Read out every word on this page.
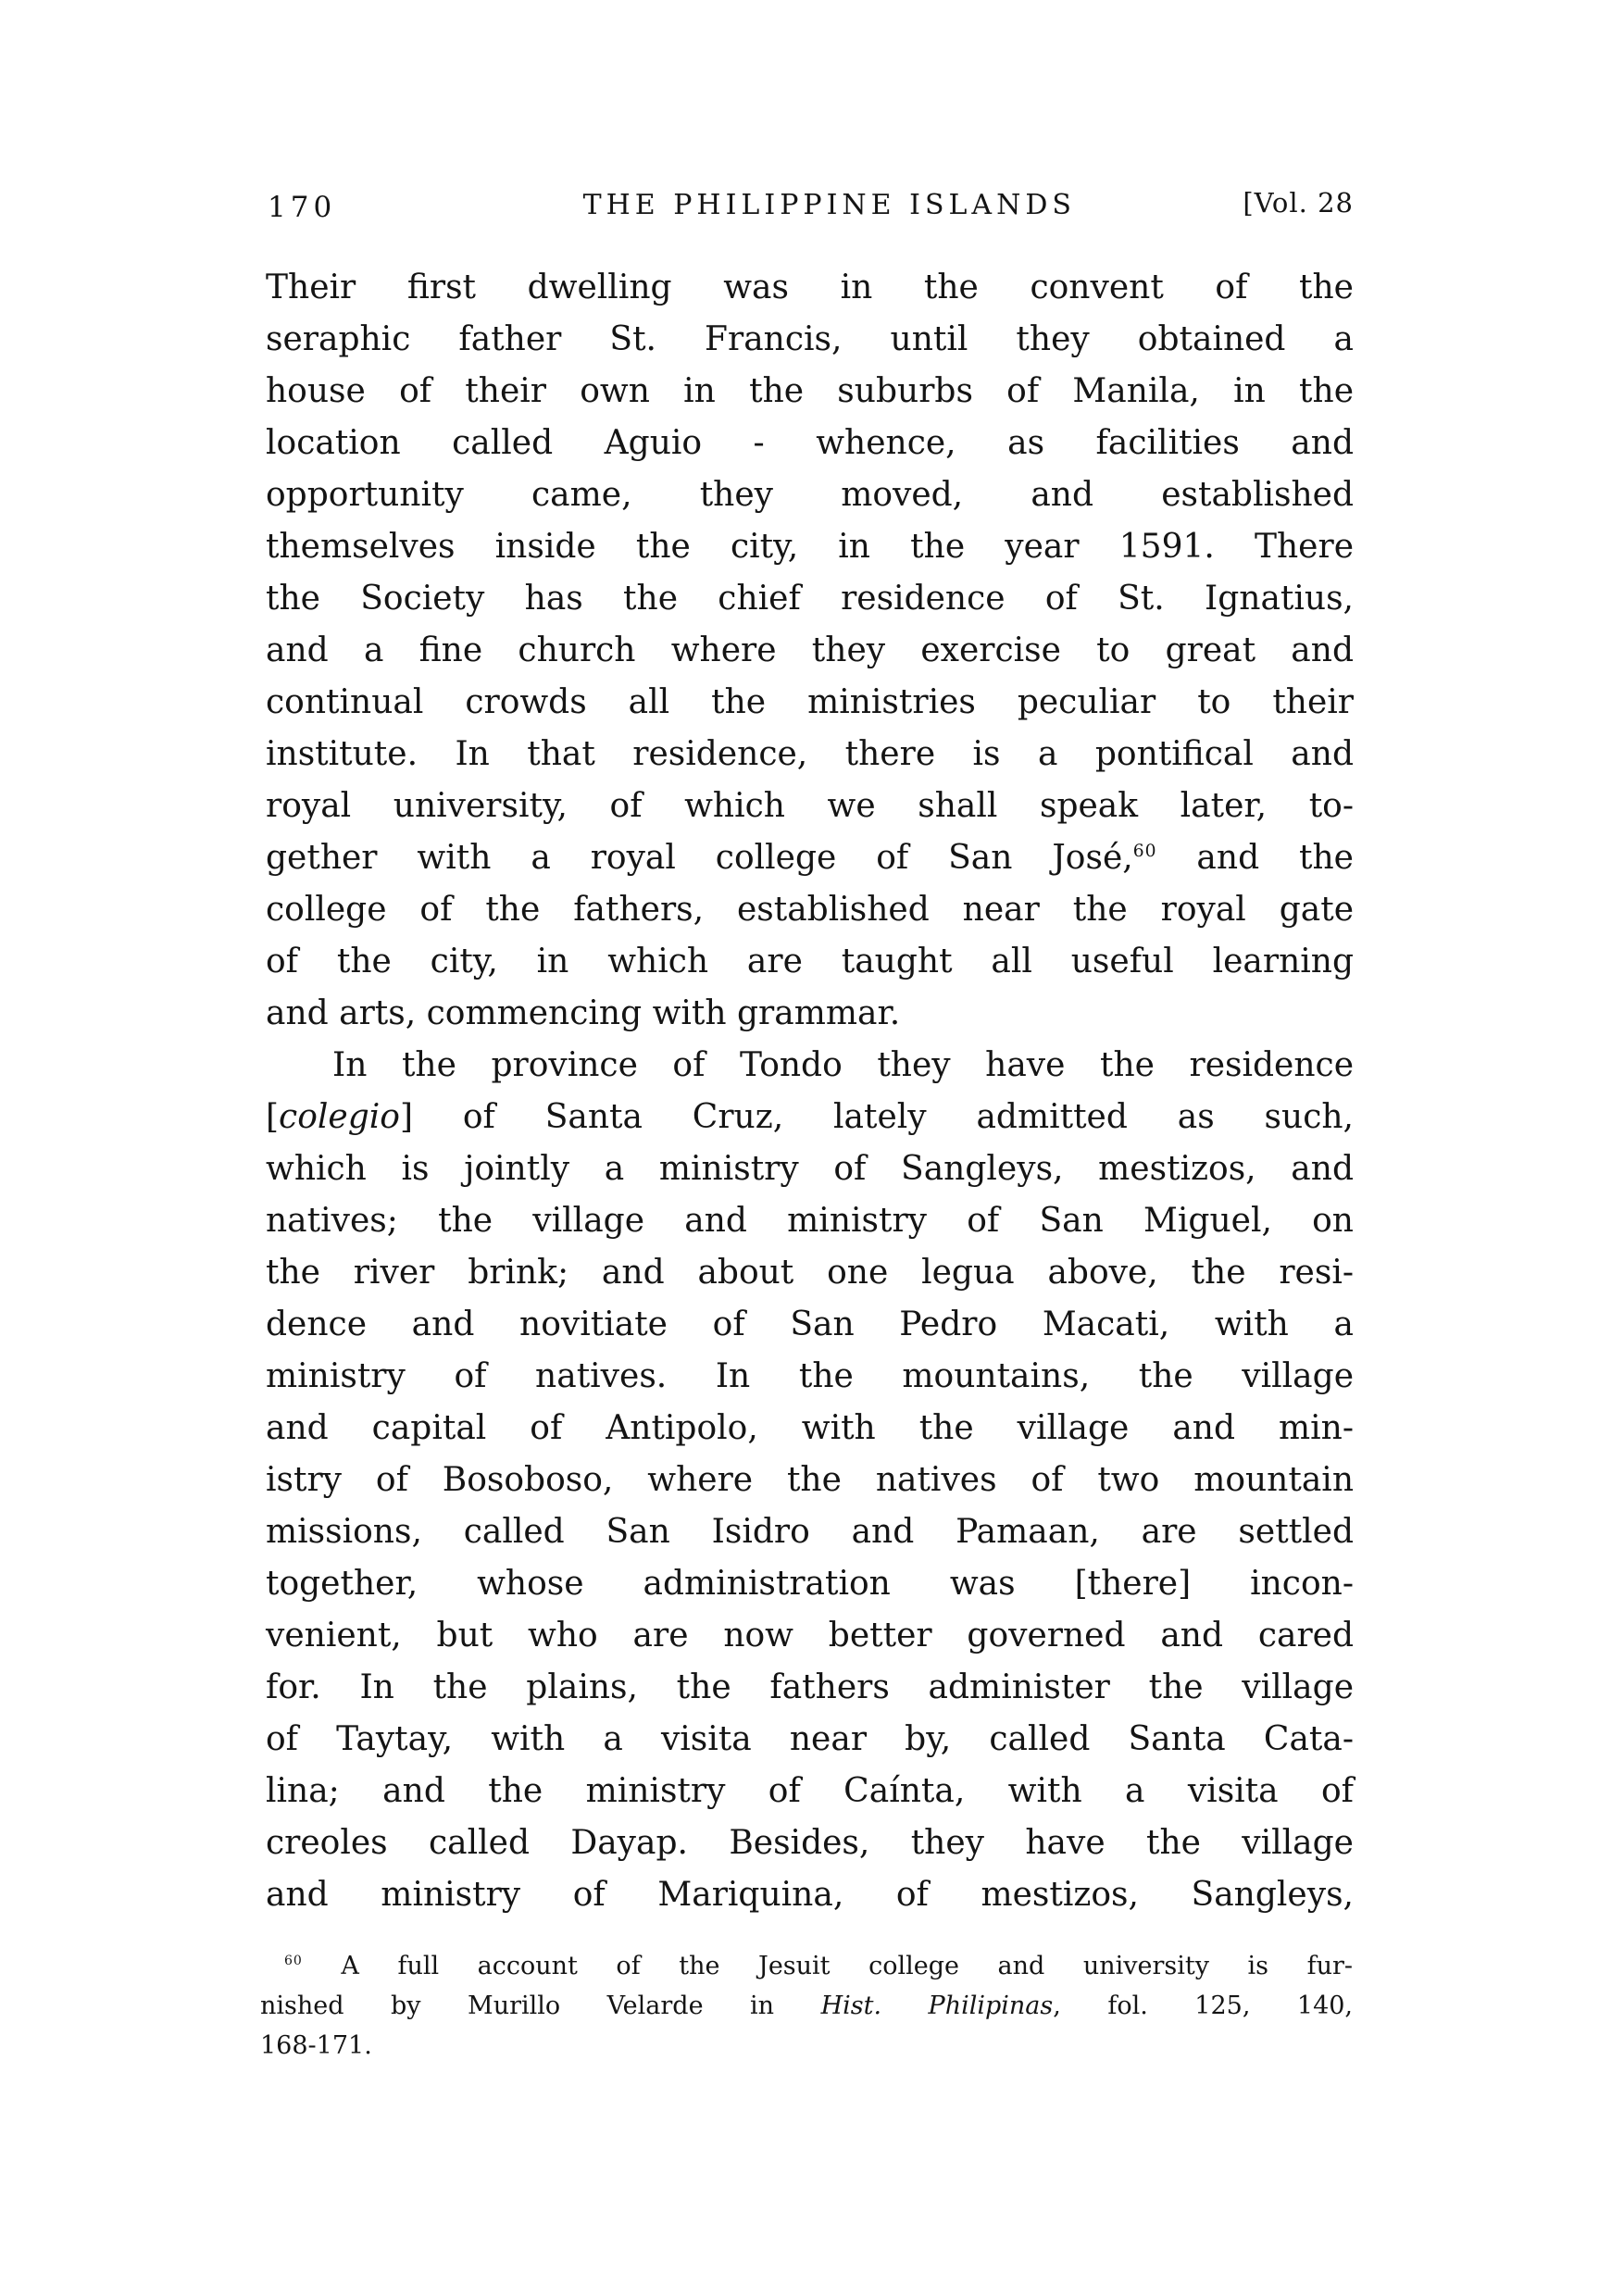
170	THE PHILIPPINE ISLANDS	[Vol. 28
Their first dwelling was in the convent of the
seraphic father St. Francis, until they obtained a
house of their own in the suburbs of Manila, in the
location called Aguio - whence, as facilities and
opportunity came, they moved, and established
themselves inside the city, in the year 1591. There
the Society has the chief residence of St. Ignatius,
and a fine church where they exercise to great and
continual crowds all the ministries peculiar to their
institute. In that residence, there is a pontifical and
royal university, of which we shall speak later, to-
gether with a royal college of San José,$^{60}$ and the
college of the fathers, established near the royal gate
of the city, in which are taught all useful learning
and arts, commencing with grammar.
In the province of Tondo they have the residence
[colegio] of Santa Cruz, lately admitted as such,
which is jointly a ministry of Sangleys, mestizos, and
natives; the village and ministry of San Miguel, on
the river brink; and about one legua above, the resi-
dence and novitiate of San Pedro Macati, with a
ministry of natives. In the mountains, the village
and capital of Antipolo, with the village and min-
istry of Bosoboso, where the natives of two mountain
missions, called San Isidro and Pamaan, are settled
together, whose administration was [there] incon-
venient, but who are now better governed and cared
for. In the plains, the fathers administer the village
of Taytay, with a visita near by, called Santa Cata-
lina; and the ministry of Caínta, with a visita of
creoles called Dayap. Besides, they have the village
and ministry of Mariquina, of mestizos, Sangleys,
$^{60}$ A full account of the Jesuit college and university is fur-
nished by Murillo Velarde in Hist. Philipinas, fol. 125, 140,
168-171.
